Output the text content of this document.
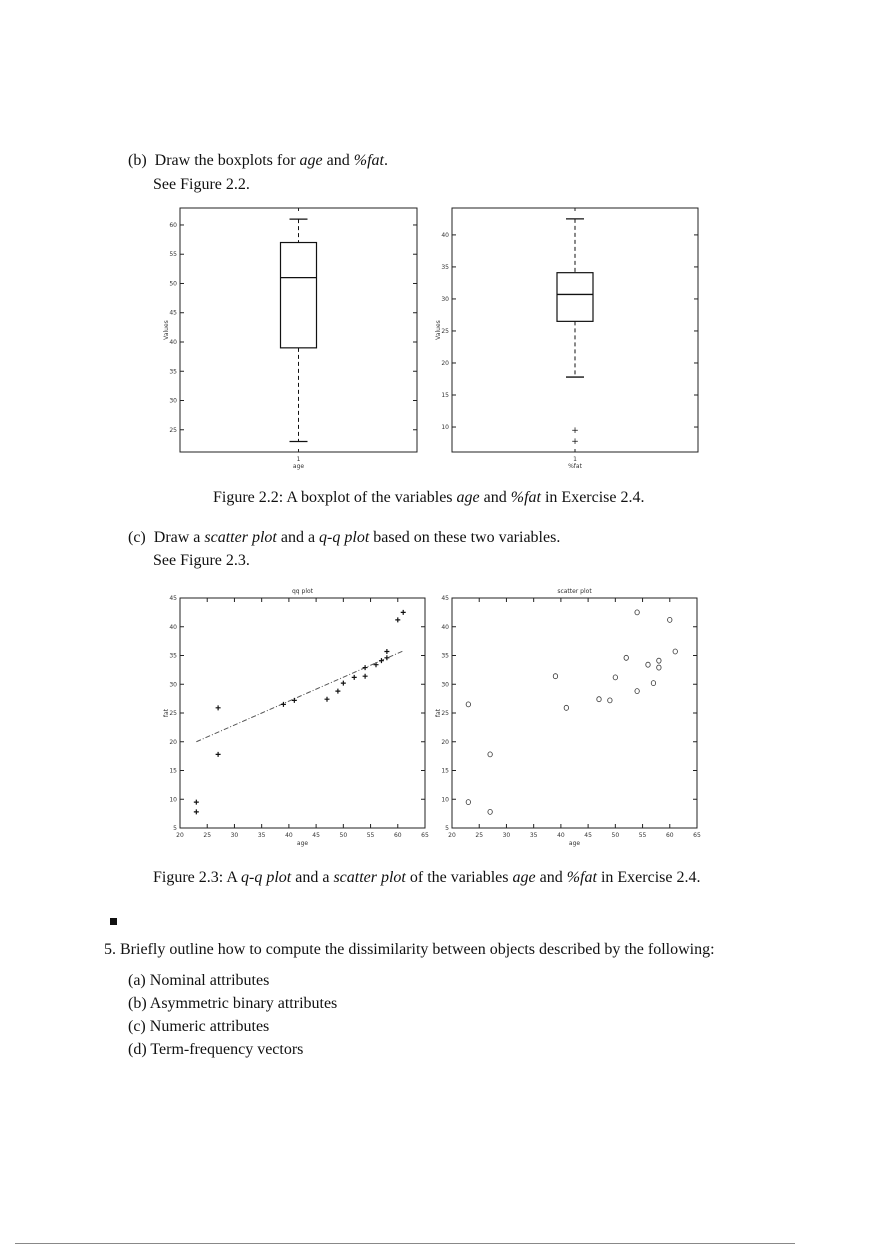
(b) Draw the boxplots for age and %fat.
See Figure 2.2.
Figure 2.2: A boxplot of the variables age and %fat in Exercise 2.4.
(c) Draw a scatter plot and a q-q plot based on these two variables.
See Figure 2.3.
Figure 2.3: A q-q plot and a scatter plot of the variables age and %fat in Exercise 2.4.
5. Briefly outline how to compute the dissimilarity between objects described by the following:
(a) Nominal attributes
(b) Asymmetric binary attributes
(c) Numeric attributes
(d) Term-frequency vectors
25
30
35
40
45
50
55
60
Values
1
age
10
15
20
25
30
35
40
Values
1
%fat
+
+
5
10
15
20
25
30
35
40
45
fat
20	25	30	35	40	45	50	55	60	65
age
qq plot
5
10
15
20
25
30
35
40
45
fat
20	25	30	35	40	45	50	55	60	65
age
scatter plot
